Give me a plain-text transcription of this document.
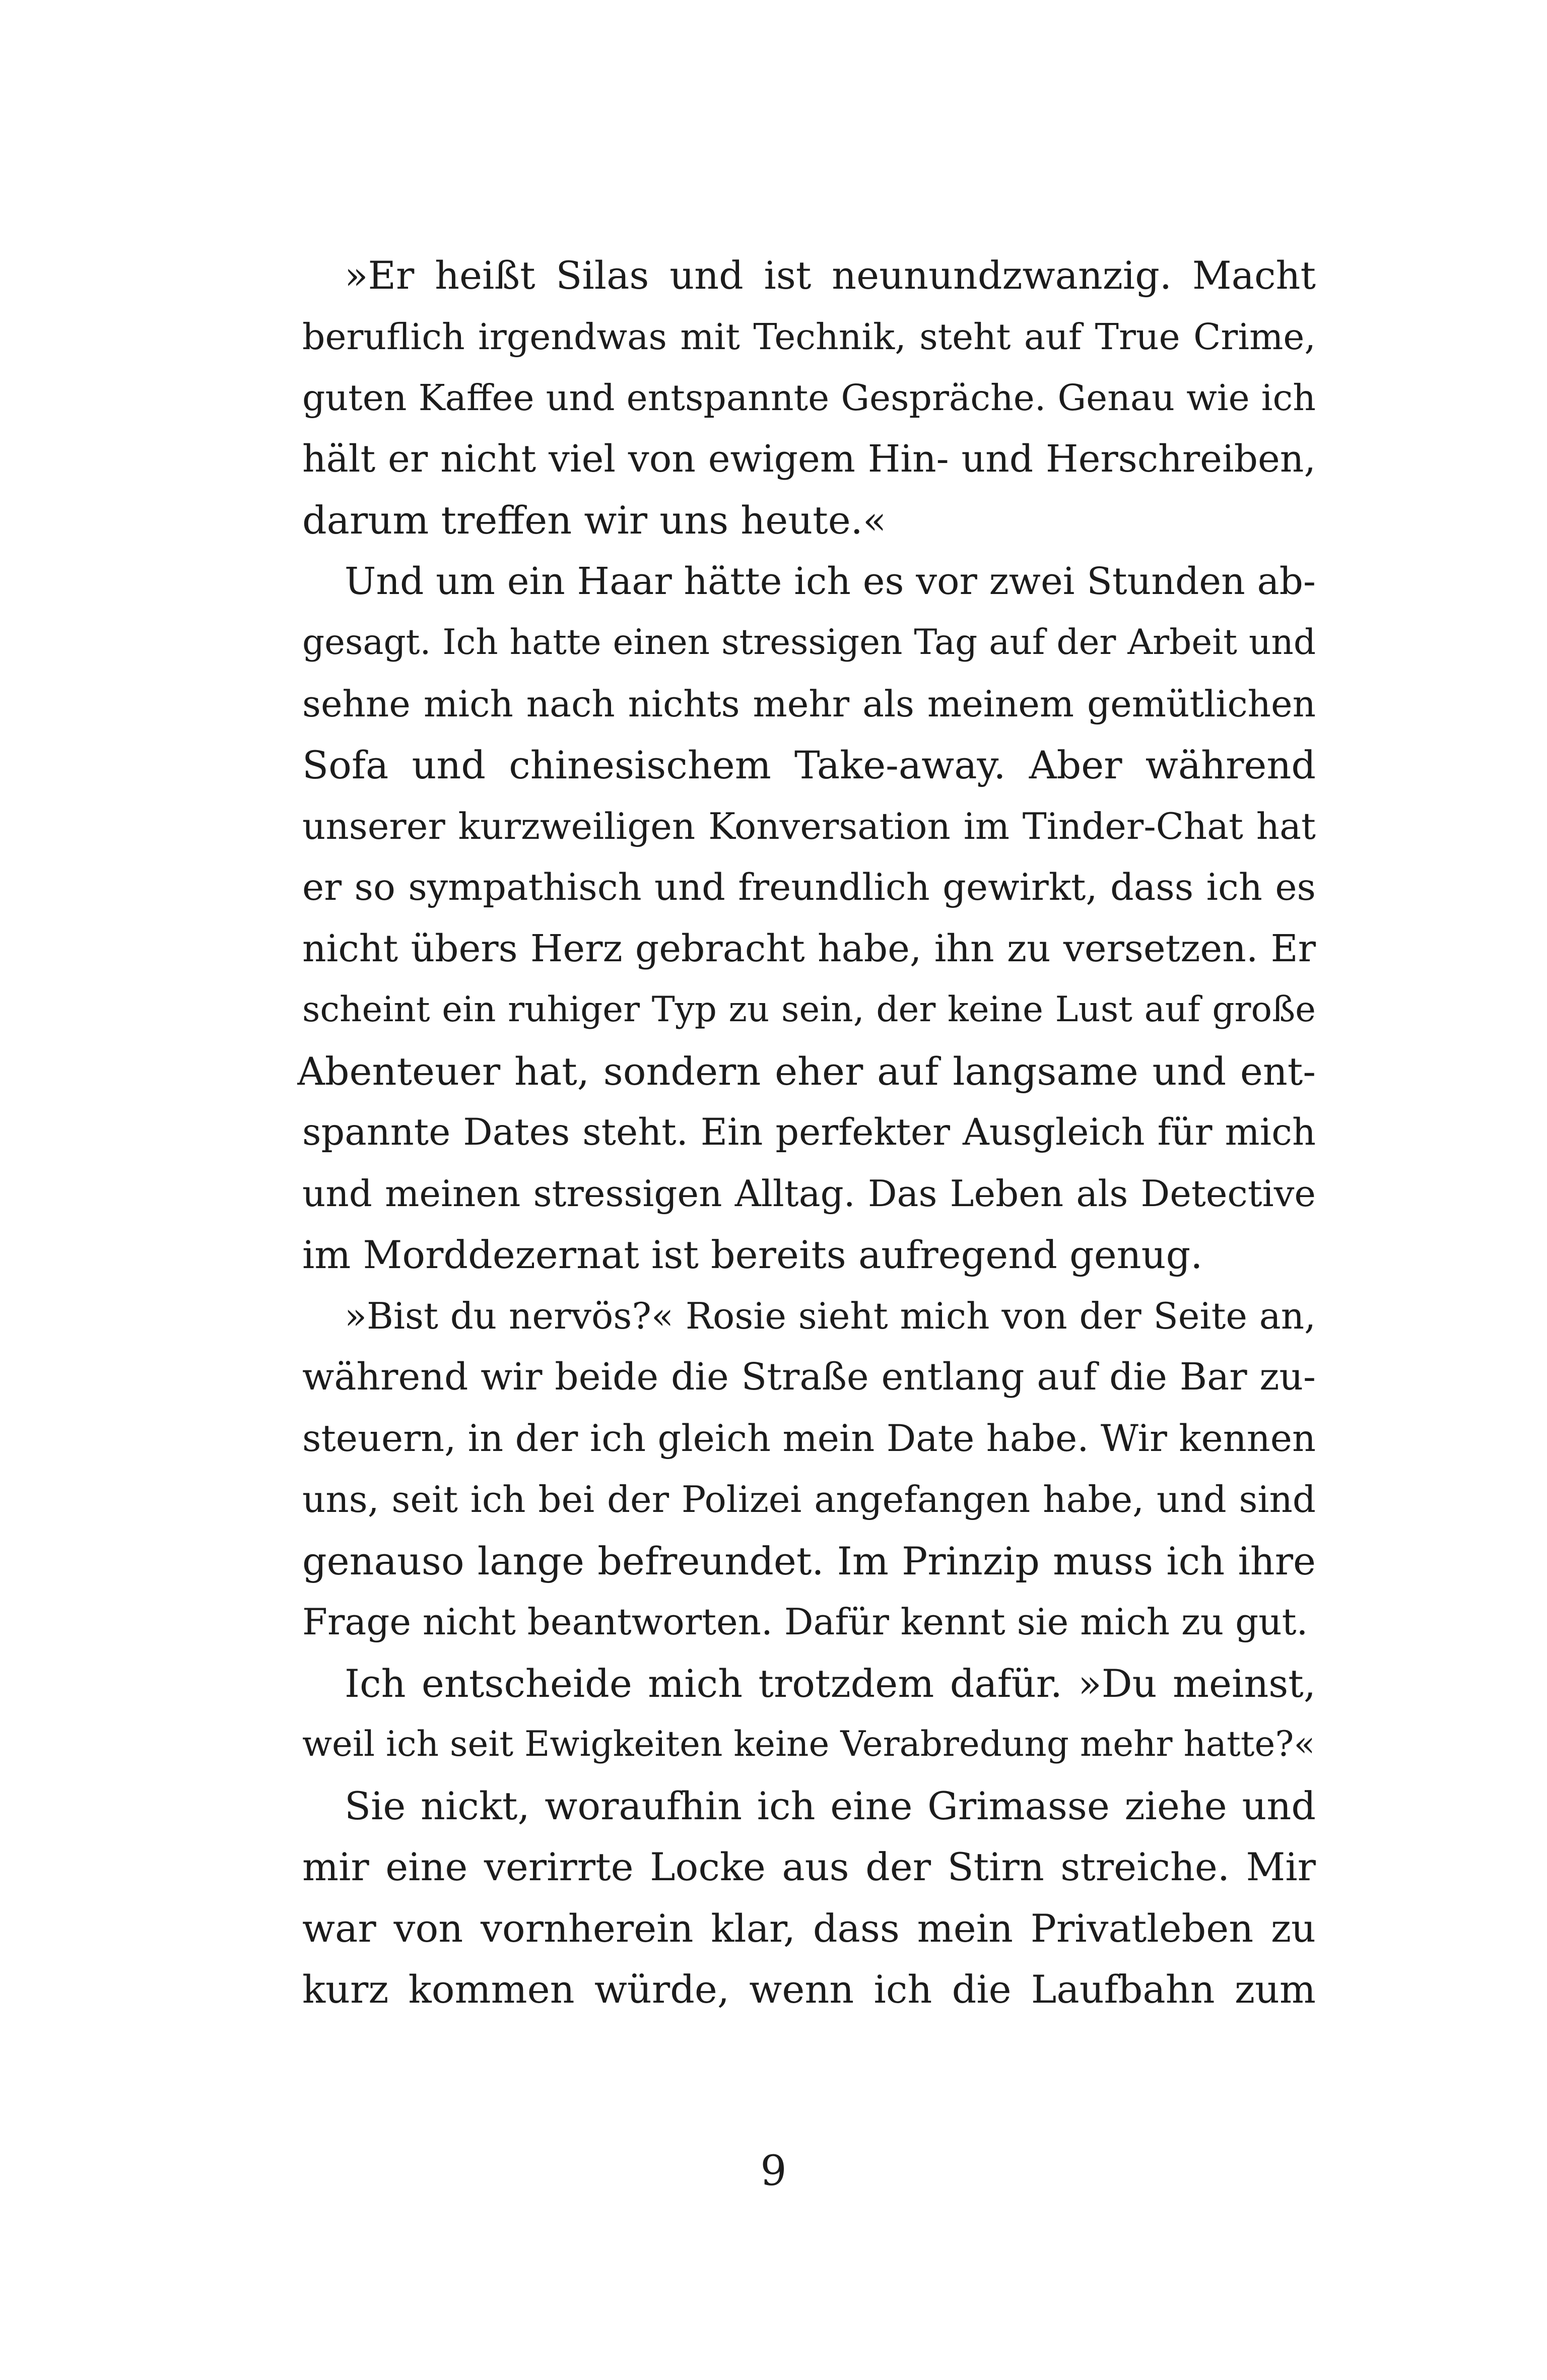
»Er heißt Silas und ist neunundzwanzig. Macht
beruflich irgendwas mit Technik, steht auf True Crime,
guten Kaffee und entspannte Gespräche. Genau wie ich
hält er nicht viel von ewigem Hin- und Herschreiben,
darum treffen wir uns heute.«
Und um ein Haar hätte ich es vor zwei Stunden ab-
gesagt. Ich hatte einen stressigen Tag auf der Arbeit und
sehne mich nach nichts mehr als meinem gemütlichen
Sofa und chinesischem Take-away. Aber während
unserer kurzweiligen Konversation im Tinder-Chat hat
er so sympathisch und freundlich gewirkt, dass ich es
nicht übers Herz gebracht habe, ihn zu versetzen. Er
scheint ein ruhiger Typ zu sein, der keine Lust auf große
Abenteuer hat, sondern eher auf langsame und ent-
spannte Dates steht. Ein perfekter Ausgleich für mich
und meinen stressigen Alltag. Das Leben als Detective
im Morddezernat ist bereits aufregend genug.
»Bist du nervös?« Rosie sieht mich von der Seite an,
während wir beide die Straße entlang auf die Bar zu-
steuern, in der ich gleich mein Date habe. Wir kennen
uns, seit ich bei der Polizei angefangen habe, und sind
genauso lange befreundet. Im Prinzip muss ich ihre
Frage nicht beantworten. Dafür kennt sie mich zu gut.
Ich entscheide mich trotzdem dafür. »Du meinst,
weil ich seit Ewigkeiten keine Verabredung mehr hatte?«
Sie nickt, woraufhin ich eine Grimasse ziehe und
mir eine verirrte Locke aus der Stirn streiche. Mir
war von vornherein klar, dass mein Privatleben zu
kurz kommen würde, wenn ich die Laufbahn zum
9
